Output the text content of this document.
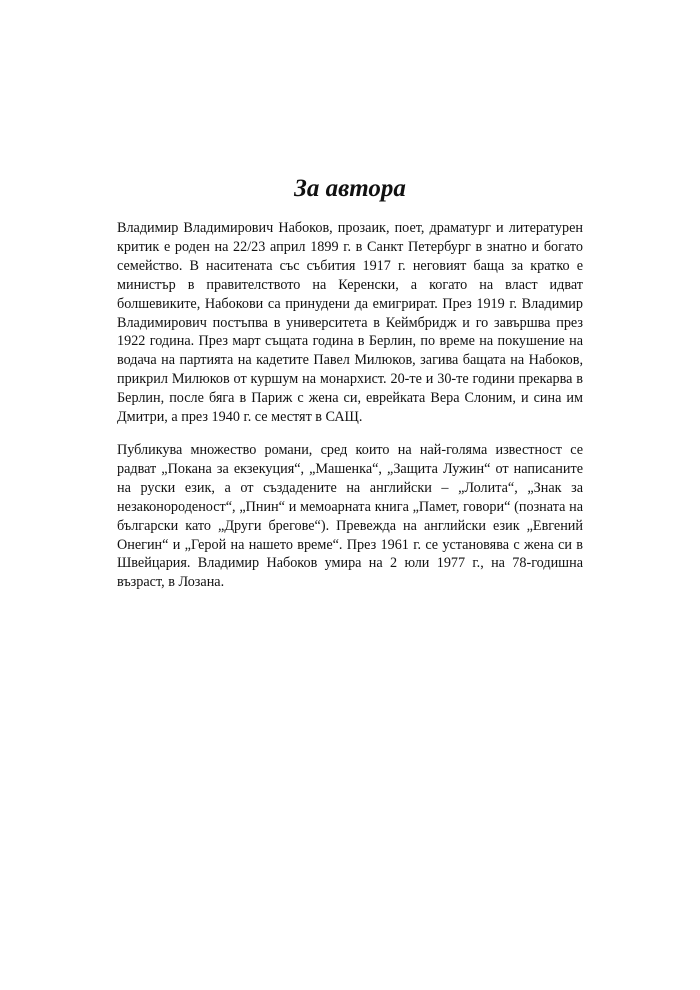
За автора

Владимир Владимирович Набоков, прозаик, поет, драматург и литературен критик е роден на 22/23 април 1899 г. в Санкт Петербург в знатно и богато семейство. В наситената със събития 1917 г. неговият баща за кратко е министър в правителството на Керенски, а когато на власт идват болшевиките, Набокови са принудени да емигрират. През 1919 г. Владимир Владимирович постъпва в университета в Кеймбридж и го завършва през 1922 година. През март същата година в Берлин, по време на покушение на водача на партията на кадетите Павел Милюков, загива бащата на Набоков, прикрил Милюков от куршум на монархист. 20-те и 30-те години прекарва в Берлин, после бяга в Париж с жена си, еврейката Вера Слоним, и сина им Дмитри, а през 1940 г. се местят в САЩ.

Публикува множество романи, сред които на най-голяма известност се радват „Покана за екзекуция“, „Машенка“, „Защита Лужин“ от написаните на руски език, а от създадените на английски – „Лолита“, „Знак за незаконороденост“, „Пнин“ и мемоарната книга „Памет, говори“ (позната на български като „Други брегове“). Превежда на английски език „Евгений Онегин“ и „Герой на нашето време“. През 1961 г. се установява с жена си в Швейцария. Владимир Набоков умира на 2 юли 1977 г., на 78-годишна възраст, в Лозана.
